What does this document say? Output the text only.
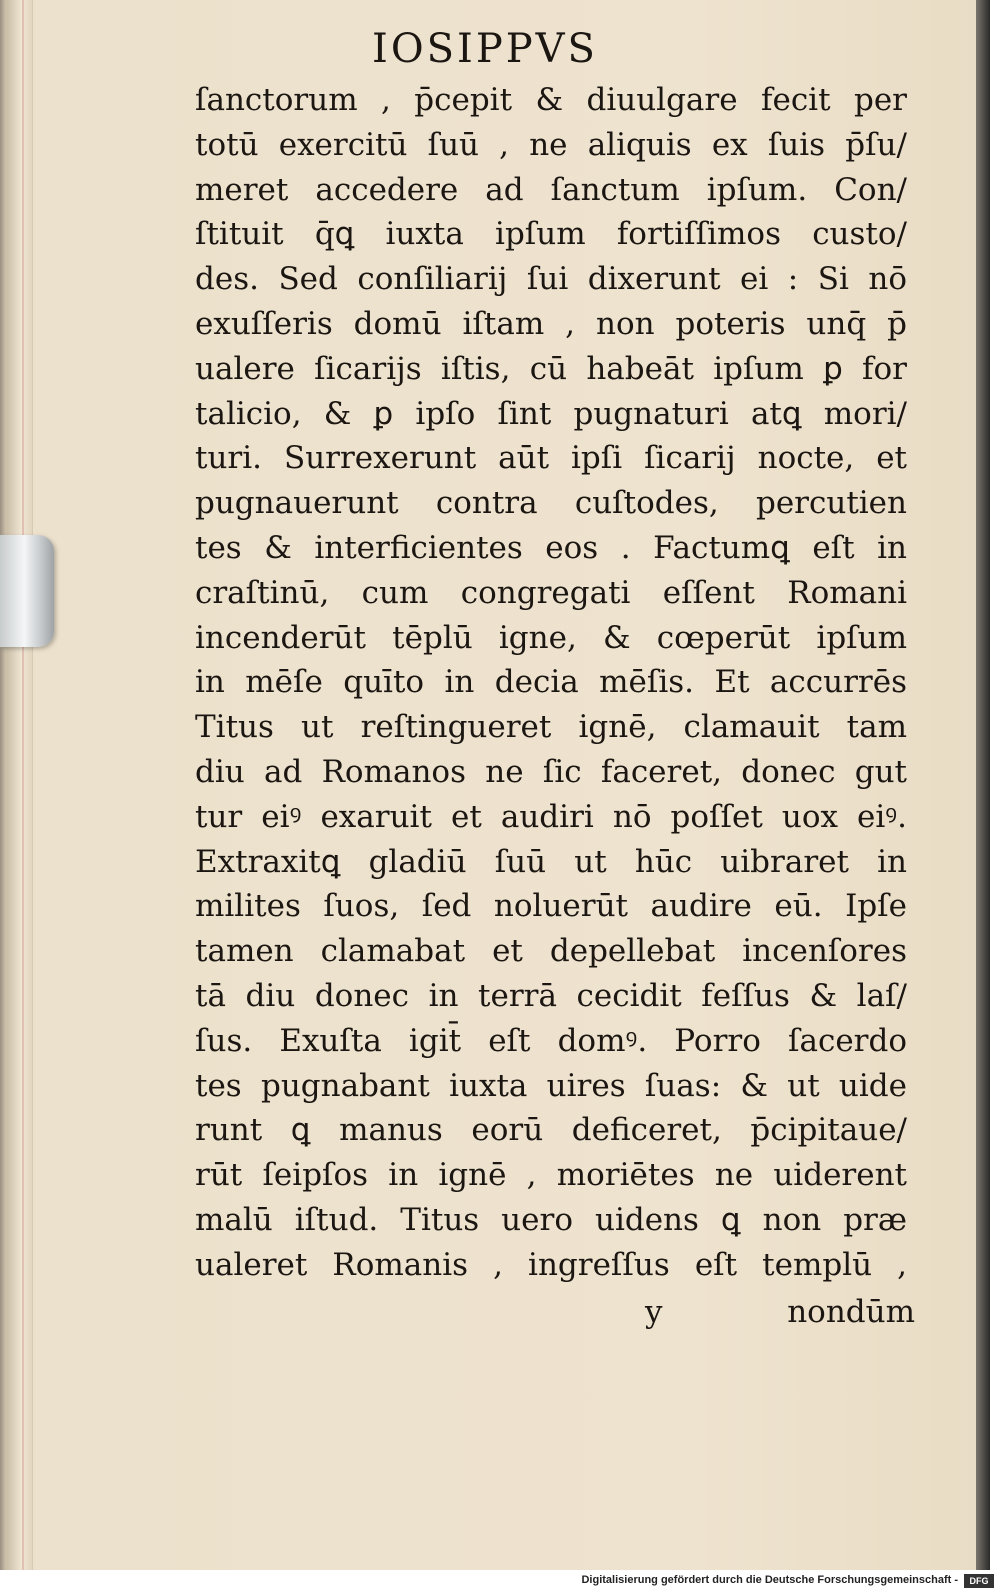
IOSIPPVS
ſanctorum , p̄cepit & diuulgare fecit per
totū exercitū ſuū , ne aliquis ex ſuis p̄ſu/
meret accedere ad ſanctum ipſum. Con/
ſtituit q̄ꝗ iuxta ipſum fortiſſimos custo/
des. Sed conſiliarij ſui dixerunt ei : Si nō
exuſſeris domū iſtam , non poteris unq̄ p̄
ualere ſicarijs iſtis, cū habeāt ipſum ꝑ for
talicio, & ꝑ ipſo ſint pugnaturi atꝗ mori/
turi. Surrexerunt aūt ipſi ſicarij nocte, et
pugnauerunt contra cuſtodes, percutien
tes & interficientes eos . Factumꝗ eſt in
craſtinū, cum congregati eſſent Romani
incenderūt tēplū igne, & cœperūt ipſum
in mēſe quīto in decia mēſis. Et accurrēs
Titus ut reſtingueret ignē, clamauit tam
diu ad Romanos ne ſic faceret, donec gut
tur eiꝰ exaruit et audiri nō poſſet uox eiꝰ.
Extraxitꝗ gladiū ſuū ut hūc uibraret in
milites ſuos, ſed noluerūt audire eū. Ipſe
tamen clamabat et depellebat incenſores
tā diu donec in terrā cecidit feſſus & laſ/
ſus. Exuſta igit̄ eſt domꝰ. Porro ſacerdo
tes pugnabant iuxta uires ſuas: & ut uide
runt ꝗ manus eorū deficeret, p̄cipitaue/
rūt ſeipſos in ignē , moriētes ne uiderent
malū iſtud. Titus uero uidens ꝗ non præ
ualeret Romanis , ingreſſus eſt templū ,
y	nondūm
Digitalisierung gefördert durch die Deutsche Forschungsgemeinschaft -	DFG
